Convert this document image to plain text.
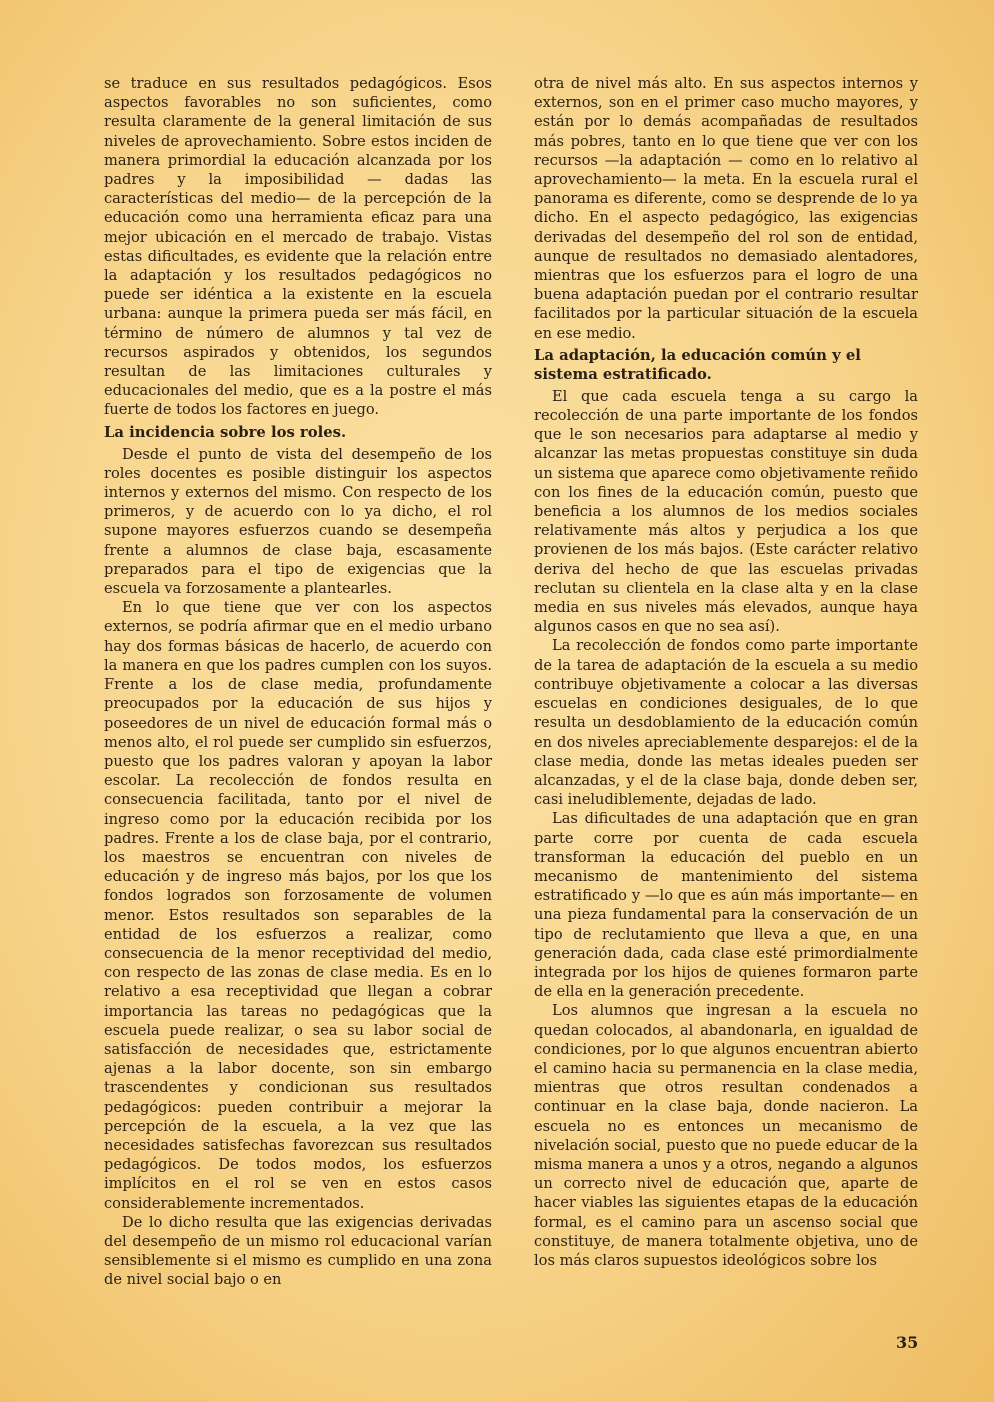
se traduce en sus resultados pedagógicos. Esos aspectos favorables no son suficientes, como resulta claramente de la general limitación de sus niveles de aprovechamiento. Sobre estos inciden de manera primordial la educación alcanzada por los padres y la imposibilidad — dadas las características del medio— de la percepción de la educación como una herramienta eficaz para una mejor ubicación en el mercado de trabajo. Vistas estas dificultades, es evidente que la relación entre la adaptación y los resultados pedagógicos no puede ser idéntica a la existente en la escuela urbana: aunque la primera pueda ser más fácil, en término de número de alumnos y tal vez de recursos aspirados y obtenidos, los segundos resultan de las limitaciones culturales y educacionales del medio, que es a la postre el más fuerte de todos los factores en juego.

La incidencia sobre los roles.

Desde el punto de vista del desempeño de los roles docentes es posible distinguir los aspectos internos y externos del mismo. Con respecto de los primeros, y de acuerdo con lo ya dicho, el rol supone mayores esfuerzos cuando se desempeña frente a alumnos de clase baja, escasamente preparados para el tipo de exigencias que la escuela va forzosamente a plantearles.

En lo que tiene que ver con los aspectos externos, se podría afirmar que en el medio urbano hay dos formas básicas de hacerlo, de acuerdo con la manera en que los padres cumplen con los suyos. Frente a los de clase media, profundamente preocupados por la educación de sus hijos y poseedores de un nivel de educación formal más o menos alto, el rol puede ser cumplido sin esfuerzos, puesto que los padres valoran y apoyan la labor escolar. La recolección de fondos resulta en consecuencia facilitada, tanto por el nivel de ingreso como por la educación recibida por los padres. Frente a los de clase baja, por el contrario, los maestros se encuentran con niveles de educación y de ingreso más bajos, por los que los fondos logrados son forzosamente de volumen menor. Estos resultados son separables de la entidad de los esfuerzos a realizar, como consecuencia de la menor receptividad del medio, con respecto de las zonas de clase media. Es en lo relativo a esa receptividad que llegan a cobrar importancia las tareas no pedagógicas que la escuela puede realizar, o sea su labor social de satisfacción de necesidades que, estrictamente ajenas a la labor docente, son sin embargo trascendentes y condicionan sus resultados pedagógicos: pueden contribuir a mejorar la percepción de la escuela, a la vez que las necesidades satisfechas favorezcan sus resultados pedagógicos. De todos modos, los esfuerzos implícitos en el rol se ven en estos casos considerablemente incrementados.

De lo dicho resulta que las exigencias derivadas del desempeño de un mismo rol educacional varían sensiblemente si el mismo es cumplido en una zona de nivel social bajo o en

otra de nivel más alto. En sus aspectos internos y externos, son en el primer caso mucho mayores, y están por lo demás acompañadas de resultados más pobres, tanto en lo que tiene que ver con los recursos —la adaptación — como en lo relativo al aprovechamiento— la meta. En la escuela rural el panorama es diferente, como se desprende de lo ya dicho. En el aspecto pedagógico, las exigencias derivadas del desempeño del rol son de entidad, aunque de resultados no demasiado alentadores, mientras que los esfuerzos para el logro de una buena adaptación puedan por el contrario resultar facilitados por la particular situación de la escuela en ese medio.

La adaptación, la educación común y el sistema estratificado.

El que cada escuela tenga a su cargo la recolección de una parte importante de los fondos que le son necesarios para adaptarse al medio y alcanzar las metas propuestas constituye sin duda un sistema que aparece como objetivamente reñido con los fines de la educación común, puesto que beneficia a los alumnos de los medios sociales relativamente más altos y perjudica a los que provienen de los más bajos. (Este carácter relativo deriva del hecho de que las escuelas privadas reclutan su clientela en la clase alta y en la clase media en sus niveles más elevados, aunque haya algunos casos en que no sea así).

La recolección de fondos como parte importante de la tarea de adaptación de la escuela a su medio contribuye objetivamente a colocar a las diversas escuelas en condiciones desiguales, de lo que resulta un desdoblamiento de la educación común en dos niveles apreciablemente desparejos: el de la clase media, donde las metas ideales pueden ser alcanzadas, y el de la clase baja, donde deben ser, casi ineludiblemente, dejadas de lado.

Las dificultades de una adaptación que en gran parte corre por cuenta de cada escuela transforman la educación del pueblo en un mecanismo de mantenimiento del sistema estratificado y —lo que es aún más importante— en una pieza fundamental para la conservación de un tipo de reclutamiento que lleva a que, en una generación dada, cada clase esté primordialmente integrada por los hijos de quienes formaron parte de ella en la generación precedente.

Los alumnos que ingresan a la escuela no quedan colocados, al abandonarla, en igualdad de condiciones, por lo que algunos encuentran abierto el camino hacia su permanencia en la clase media, mientras que otros resultan condenados a continuar en la clase baja, donde nacieron. La escuela no es entonces un mecanismo de nivelación social, puesto que no puede educar de la misma manera a unos y a otros, negando a algunos un correcto nivel de educación que, aparte de hacer viables las siguientes etapas de la educación formal, es el camino para un ascenso social que constituye, de manera totalmente objetiva, uno de los más claros supuestos ideológicos sobre los

35
